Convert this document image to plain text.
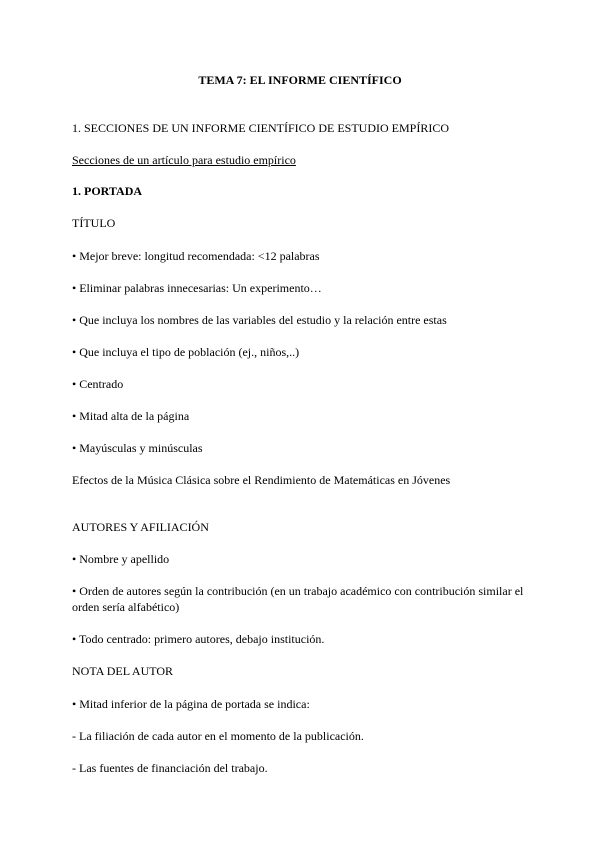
TEMA 7: EL INFORME CIENTÍFICO
1. SECCIONES DE UN INFORME CIENTÍFICO DE ESTUDIO EMPÍRICO
Secciones de un artículo para estudio empírico
1. PORTADA
TÍTULO
• Mejor breve: longitud recomendada: <12 palabras
• Eliminar palabras innecesarias: Un experimento…
• Que incluya los nombres de las variables del estudio y la relación entre estas
• Que incluya el tipo de población (ej., niños,..)
• Centrado
• Mitad alta de la página
• Mayúsculas y minúsculas
Efectos de la Música Clásica sobre el Rendimiento de Matemáticas en Jóvenes
AUTORES Y AFILIACIÓN
• Nombre y apellido
• Orden de autores según la contribución (en un trabajo académico con contribución similar el orden sería alfabético)
• Todo centrado: primero autores, debajo institución.
NOTA DEL AUTOR
• Mitad inferior de la página de portada se indica:
- La filiación de cada autor en el momento de la publicación.
- Las fuentes de financiación del trabajo.
